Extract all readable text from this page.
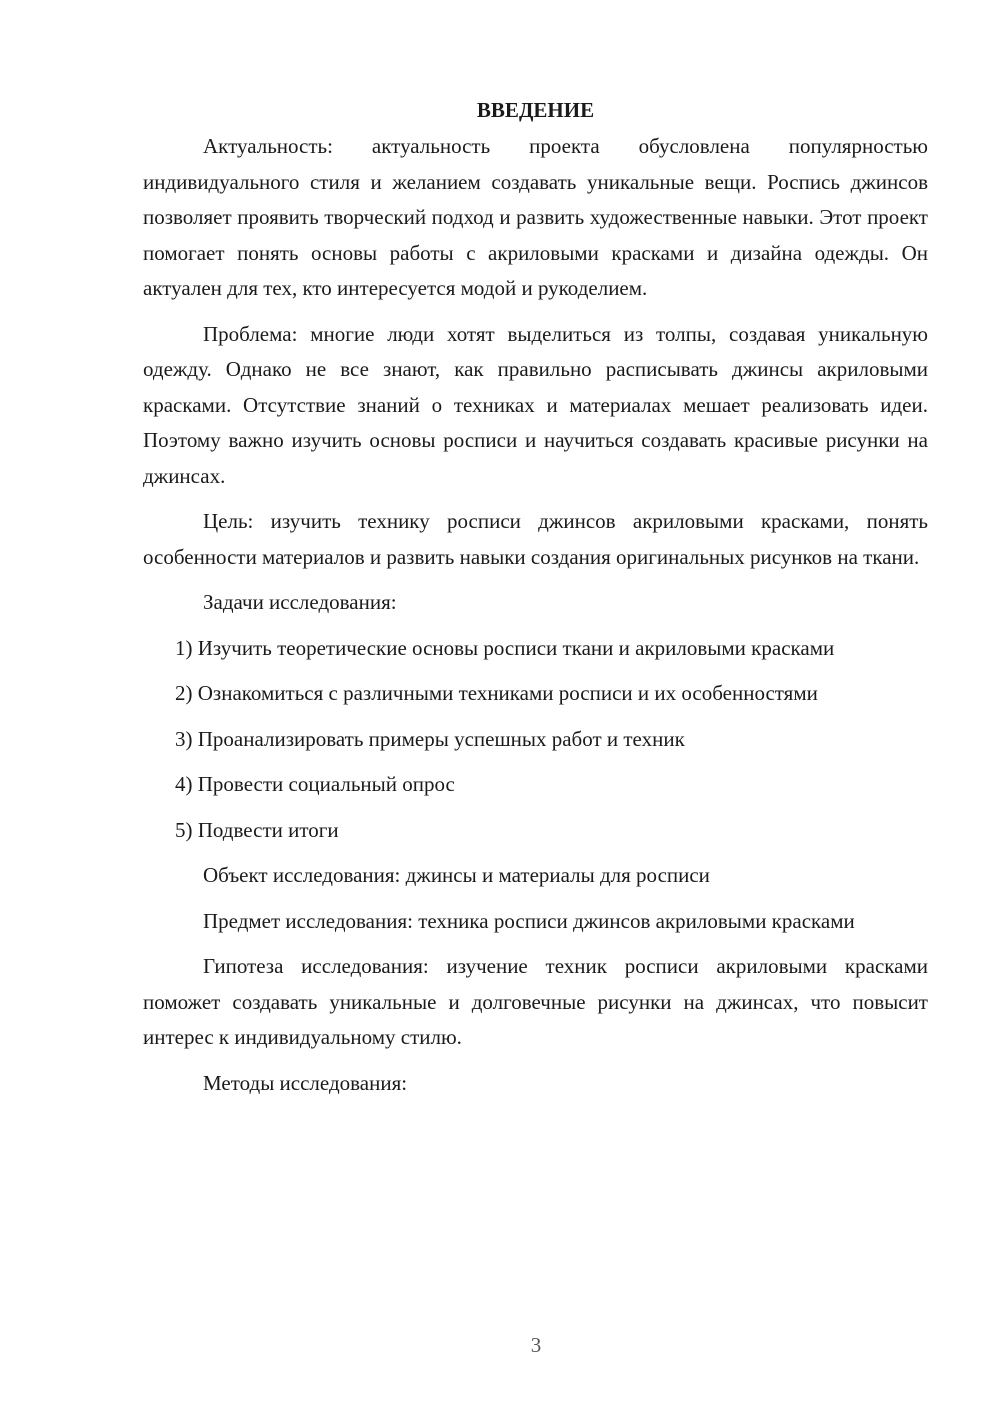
ВВЕДЕНИЕ

Актуальность: актуальность проекта обусловлена популярностью индивидуального стиля и желанием создавать уникальные вещи. Роспись джинсов позволяет проявить творческий подход и развить художественные навыки. Этот проект помогает понять основы работы с акриловыми красками и дизайна одежды. Он актуален для тех, кто интересуется модой и рукоделием.

Проблема: многие люди хотят выделиться из толпы, создавая уникальную одежду. Однако не все знают, как правильно расписывать джинсы акриловыми красками. Отсутствие знаний о техниках и материалах мешает реализовать идеи. Поэтому важно изучить основы росписи и научиться создавать красивые рисунки на джинсах.

Цель: изучить технику росписи джинсов акриловыми красками, понять особенности материалов и развить навыки создания оригинальных рисунков на ткани.

Задачи исследования:

1) Изучить теоретические основы росписи ткани и акриловыми красками

2) Ознакомиться с различными техниками росписи и их особенностями

3) Проанализировать примеры успешных работ и техник

4) Провести социальный опрос

5) Подвести итоги

Объект исследования: джинсы и материалы для росписи

Предмет исследования: техника росписи джинсов акриловыми красками

Гипотеза исследования: изучение техник росписи акриловыми красками поможет создавать уникальные и долговечные рисунки на джинсах, что повысит интерес к индивидуальному стилю.

Методы исследования:

3
